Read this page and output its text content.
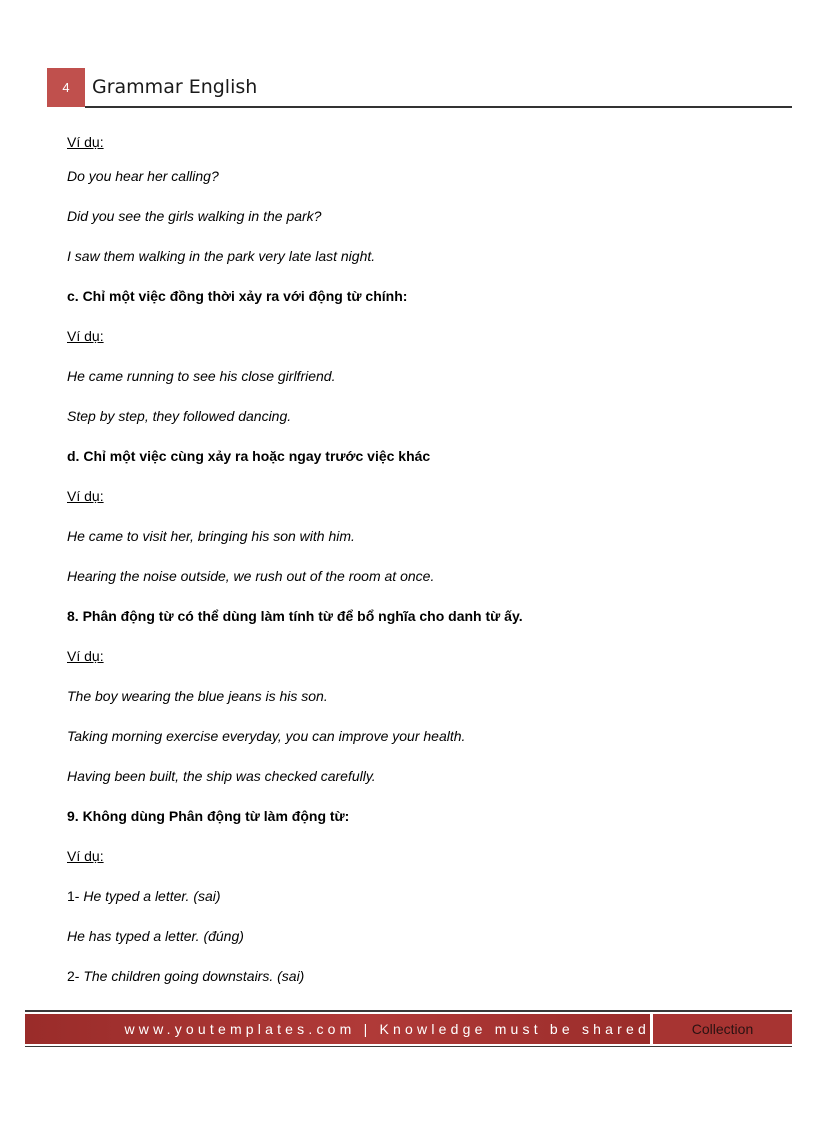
4	Grammar English
Ví dụ:
Do you hear her calling?
Did you see the girls walking in the park?
I saw them walking in the park very late last night.
c. Chỉ một việc đồng thời xảy ra với động từ chính:
Ví dụ:
He came running to see his close girlfriend.
Step by step, they followed dancing.
d. Chỉ một việc cùng xảy ra hoặc ngay trước việc khác
Ví dụ:
He came to visit her, bringing his son with him.
Hearing the noise outside, we rush out of the room at once.
8. Phân động từ có thể dùng làm tính từ để bổ nghĩa cho danh từ ấy.
Ví dụ:
The boy wearing the blue jeans is his son.
Taking morning exercise everyday, you can improve your health.
Having been built, the ship was checked carefully.
9. Không dùng Phân động từ làm động từ:
Ví dụ:
1- He typed a letter. (sai)
He has typed a letter. (đúng)
2- The children going downstairs. (sai)
www.youtemplates.com | Knowledge must be shared	Collection
